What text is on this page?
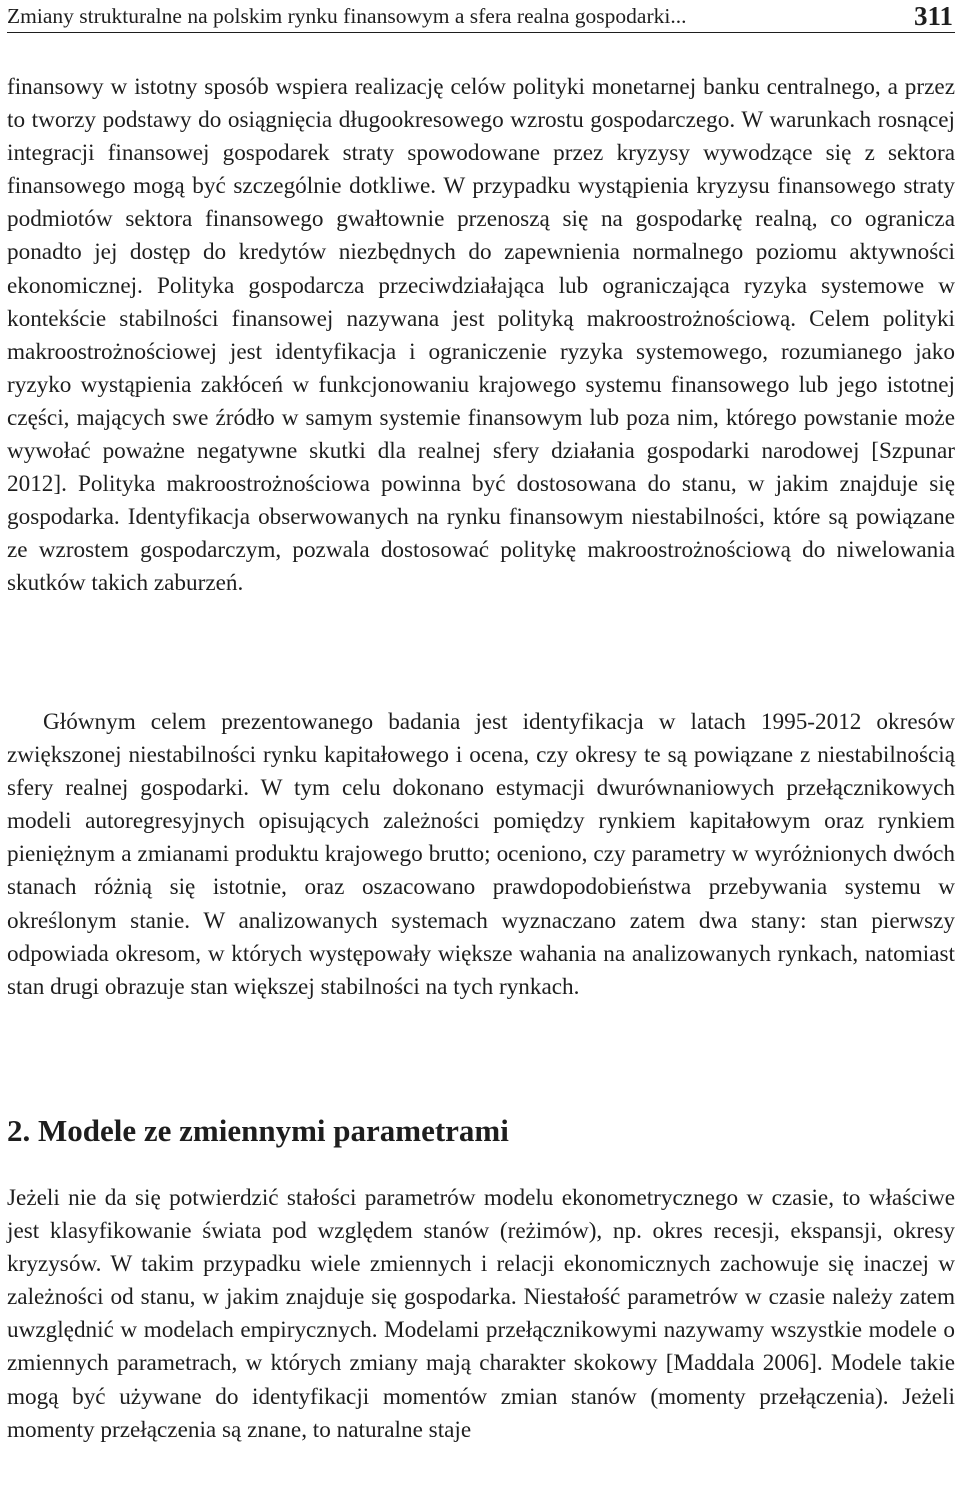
Zmiany strukturalne na polskim rynku finansowym a sfera realna gospodarki...	311

finansowy w istotny sposób wspiera realizację celów polityki monetarnej banku centralnego, a przez to tworzy podstawy do osiągnięcia długookresowego wzrostu gospodarczego. W warunkach rosnącej integracji finansowej gospodarek straty spowodowane przez kryzysy wywodzące się z sektora finansowego mogą być szczególnie dotkliwe. W przypadku wystąpienia kryzysu finansowego straty podmiotów sektora finansowego gwałtownie przenoszą się na gospodarkę realną, co ogranicza ponadto jej dostęp do kredytów niezbędnych do zapewnienia normalnego poziomu aktywności ekonomicznej. Polityka gospodarcza przeciwdziałająca lub ograniczająca ryzyka systemowe w kontekście stabilności finansowej nazywana jest polityką makroostrożnościową. Celem polityki makroostrożnościowej jest identyfikacja i ograniczenie ryzyka systemowego, rozumianego jako ryzyko wystąpienia zakłóceń w funkcjonowaniu krajowego systemu finansowego lub jego istotnej części, mających swe źródło w samym systemie finansowym lub poza nim, którego powstanie może wywołać poważne negatywne skutki dla realnej sfery działania gospodarki narodowej [Szpunar 2012]. Polityka makroostrożnościowa powinna być dostosowana do stanu, w jakim znajduje się gospodarka. Identyfikacja obserwowanych na rynku finansowym niestabilności, które są powiązane ze wzrostem gospodarczym, pozwala dostosować politykę makroostrożnościową do niwelowania skutków takich zaburzeń.

Głównym celem prezentowanego badania jest identyfikacja w latach 1995-2012 okresów zwiększonej niestabilności rynku kapitałowego i ocena, czy okresy te są powiązane z niestabilnością sfery realnej gospodarki. W tym celu dokonano estymacji dwurównaniowych przełącznikowych modeli autoregresyjnych opisujących zależności pomiędzy rynkiem kapitałowym oraz rynkiem pieniężnym a zmianami produktu krajowego brutto; oceniono, czy parametry w wyróżnionych dwóch stanach różnią się istotnie, oraz oszacowano prawdopodobieństwa przebywania systemu w określonym stanie. W analizowanych systemach wyznaczano zatem dwa stany: stan pierwszy odpowiada okresom, w których występowały większe wahania na analizowanych rynkach, natomiast stan drugi obrazuje stan większej stabilności na tych rynkach.

2. Modele ze zmiennymi parametrami

Jeżeli nie da się potwierdzić stałości parametrów modelu ekonometrycznego w czasie, to właściwe jest klasyfikowanie świata pod względem stanów (reżimów), np. okres recesji, ekspansji, okresy kryzysów. W takim przypadku wiele zmiennych i relacji ekonomicznych zachowuje się inaczej w zależności od stanu, w jakim znajduje się gospodarka. Niestałość parametrów w czasie należy zatem uwzględnić w modelach empirycznych. Modelami przełącznikowymi nazywamy wszystkie modele o zmiennych parametrach, w których zmiany mają charakter skokowy [Maddala 2006]. Modele takie mogą być używane do identyfikacji momentów zmian stanów (momenty przełączenia). Jeżeli momenty przełączenia są znane, to naturalne staje
